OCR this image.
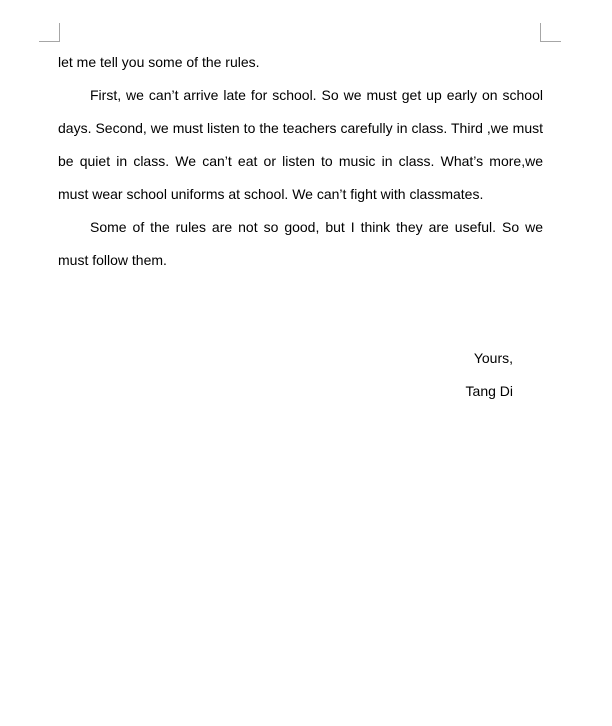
let me tell you some of the rules.

First, we can’t arrive late for school. So we must get up early on school days. Second, we must listen to the teachers carefully in class. Third ,we must be quiet in class. We can’t eat or listen to music in class. What’s more,we must wear school uniforms at school. We can’t fight with classmates.

Some of the rules are not so good, but I think they are useful. So we must follow them.

Yours,
Tang Di
